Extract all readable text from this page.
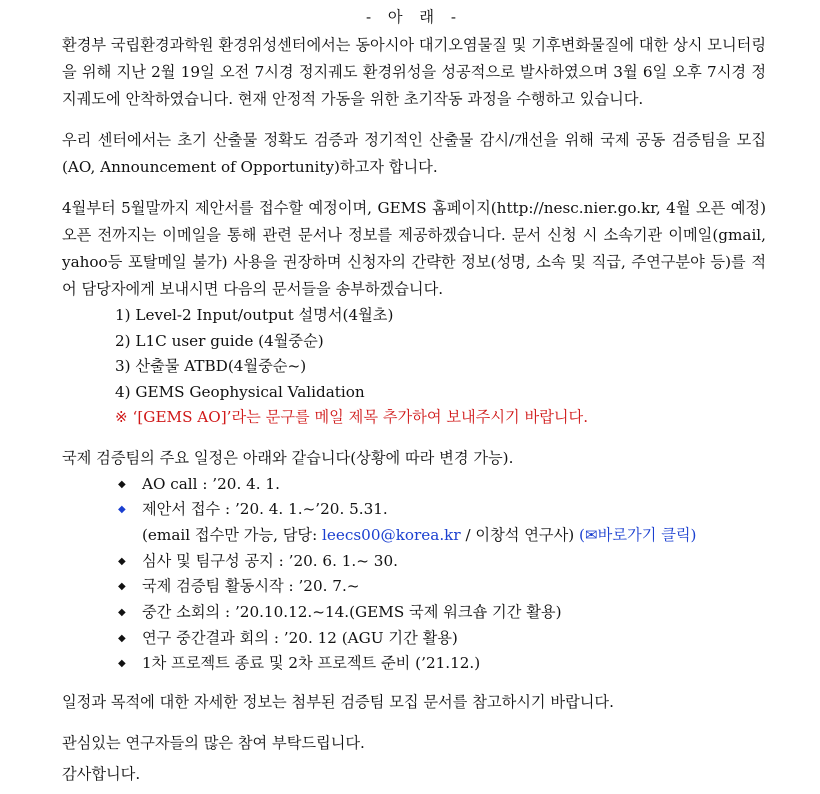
- 아 래 -

환경부 국립환경과학원 환경위성센터에서는 동아시아 대기오염물질 및 기후변화물질에 대한 상시 모니터링을 위해 지난 2월 19일 오전 7시경 정지궤도 환경위성을 성공적으로 발사하였으며 3월 6일 오후 7시경 정지궤도에 안착하였습니다. 현재 안정적 가동을 위한 초기작동 과정을 수행하고 있습니다.

우리 센터에서는 초기 산출물 정확도 검증과 정기적인 산출물 감시/개선을 위해 국제 공동 검증팀을 모집(AO, Announcement of Opportunity)하고자 합니다.

4월부터 5월말까지 제안서를 접수할 예정이며, GEMS 홈페이지(http://nesc.nier.go.kr, 4월 오픈 예정) 오픈 전까지는 이메일을 통해 관련 문서나 정보를 제공하겠습니다. 문서 신청 시 소속기관 이메일(gmail, yahoo등 포탈메일 불가) 사용을 권장하며 신청자의 간략한 정보(성명, 소속 및 직급, 주연구분야 등)를 적어 담당자에게 보내시면 다음의 문서들을 송부하겠습니다.

1) Level-2 Input/output 설명서(4월초)
2) L1C user guide (4월중순)
3) 산출물 ATBD(4월중순~)
4) GEMS Geophysical Validation
※ ‘[GEMS AO]’라는 문구를 메일 제목 추가하여 보내주시기 바랍니다.

국제 검증팀의 주요 일정은 아래와 같습니다(상황에 따라 변경 가능).

◆ AO call : ’20. 4. 1.
◆ 제안서 접수 : ’20. 4. 1.~’20. 5.31.
(email 접수만 가능, 담당: leecs00@korea.kr / 이창석 연구사) (✉바로가기 클릭)
◆ 심사 및 팀구성 공지 : ’20. 6. 1.~ 30.
◆ 국제 검증팀 활동시작 : ’20. 7.~
◆ 중간 소회의 : ’20.10.12.~14.(GEMS 국제 워크숍 기간 활용)
◆ 연구 중간결과 회의 : ’20. 12 (AGU 기간 활용)
◆ 1차 프로젝트 종료 및 2차 프로젝트 준비 (’21.12.)

일정과 목적에 대한 자세한 정보는 첨부된 검증팀 모집 문서를 참고하시기 바랍니다.

관심있는 연구자들의 많은 참여 부탁드립니다.

감사합니다.
